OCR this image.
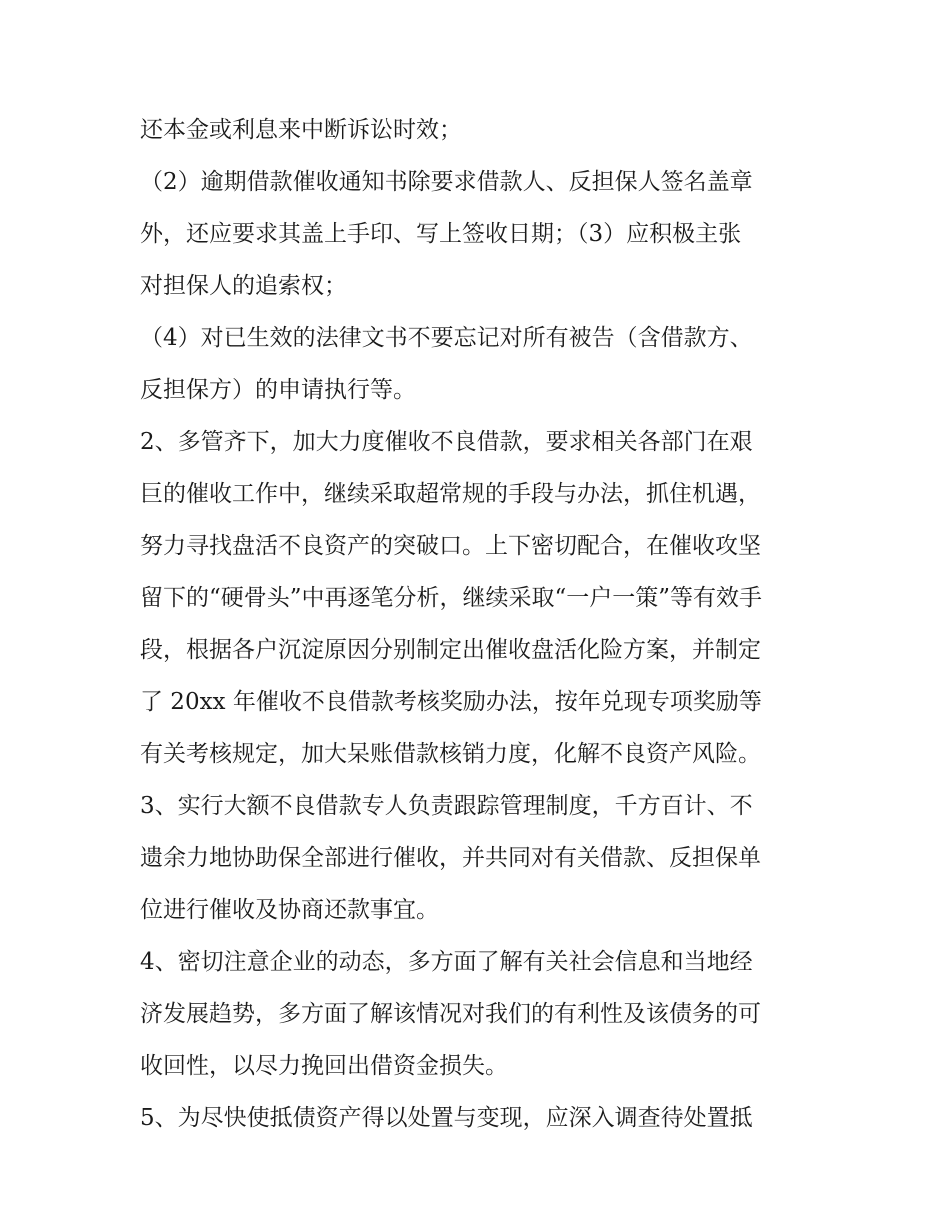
还本金或利息来中断诉讼时效；
（2）逾期借款催收通知书除要求借款人、反担保人签名盖章
外，还应要求其盖上手印、写上签收日期；（3）应积极主张
对担保人的追索权；
（4）对已生效的法律文书不要忘记对所有被告（含借款方、
反担保方）的申请执行等。
2、多管齐下，加大力度催收不良借款，要求相关各部门在艰
巨的催收工作中，继续采取超常规的手段与办法，抓住机遇，
努力寻找盘活不良资产的突破口。上下密切配合，在催收攻坚
留下的“硬骨头”中再逐笔分析，继续采取“一户一策”等有效手
段，根据各户沉淀原因分别制定出催收盘活化险方案，并制定
了 20xx 年催收不良借款考核奖励办法，按年兑现专项奖励等
有关考核规定，加大呆账借款核销力度，化解不良资产风险。
3、实行大额不良借款专人负责跟踪管理制度，千方百计、不
遗余力地协助保全部进行催收，并共同对有关借款、反担保单
位进行催收及协商还款事宜。
4、密切注意企业的动态，多方面了解有关社会信息和当地经
济发展趋势，多方面了解该情况对我们的有利性及该债务的可
收回性，以尽力挽回出借资金损失。
5、为尽快使抵债资产得以处置与变现，应深入调查待处置抵
